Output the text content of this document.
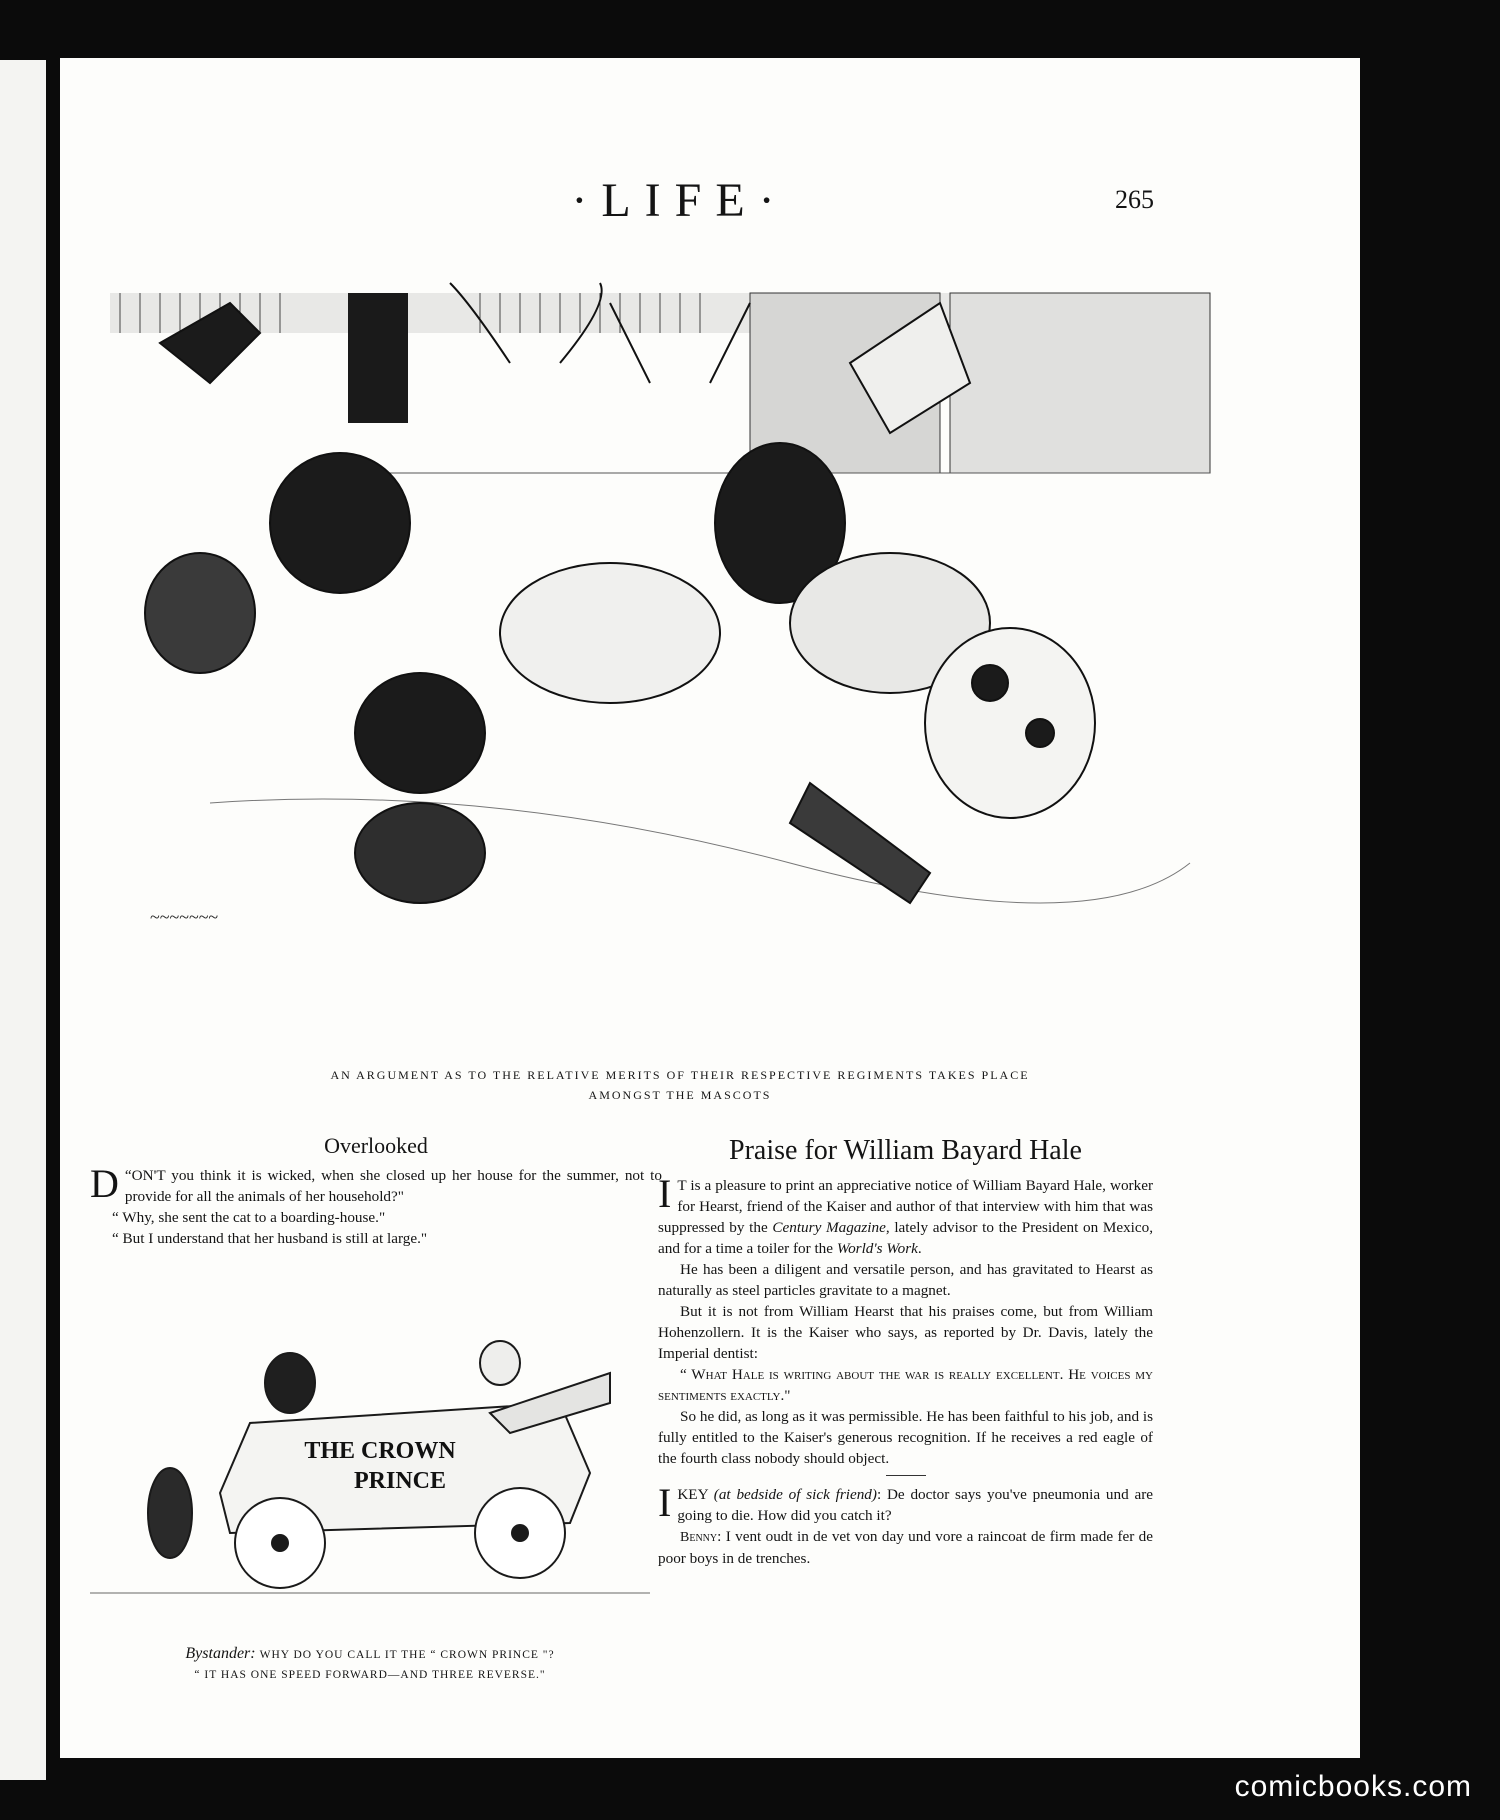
·LIFE·	265
~~~~~~~

AN ARGUMENT AS TO THE RELATIVE MERITS OF THEIR RESPECTIVE REGIMENTS TAKES PLACE
AMONGST THE MASCOTS

Overlooked

“
D ON'T you think it is wicked, when she closed up her house for the summer, not to provide for all the animals of her household?"

“ Why, she sent the cat to a boarding-house."

“ But I understand that her husband is still at large."

THE CROWN
PRINCE
Bystander: WHY DO YOU CALL IT THE “ CROWN PRINCE "?
“ IT HAS ONE SPEED FORWARD—AND THREE REVERSE."
Praise for William Bayard Hale

I T is a pleasure to print an appreciative notice of William Bayard Hale, worker for Hearst, friend of the Kaiser and author of that interview with him that was suppressed by the Century Magazine, lately advisor to the President on Mexico, and for a time a toiler for the World's Work.

He has been a diligent and versatile person, and has gravitated to Hearst as naturally as steel particles gravitate to a magnet.

But it is not from William Hearst that his praises come, but from William Hohenzollern. It is the Kaiser who says, as reported by Dr. Davis, lately the Imperial dentist:

“ What Hale is writing about the war is really excellent. He voices my sentiments exactly."

So he did, as long as it was permissible. He has been faithful to his job, and is fully entitled to the Kaiser's generous recognition. If he receives a red eagle of the fourth class nobody should object.

IKEY (at bedside of sick friend): De doctor says you've pneumonia und are going to die. How did you catch it?

Benny: I vent oudt in de vet von day und vore a raincoat de firm made fer de poor boys in de trenches.

comicbooks.com
